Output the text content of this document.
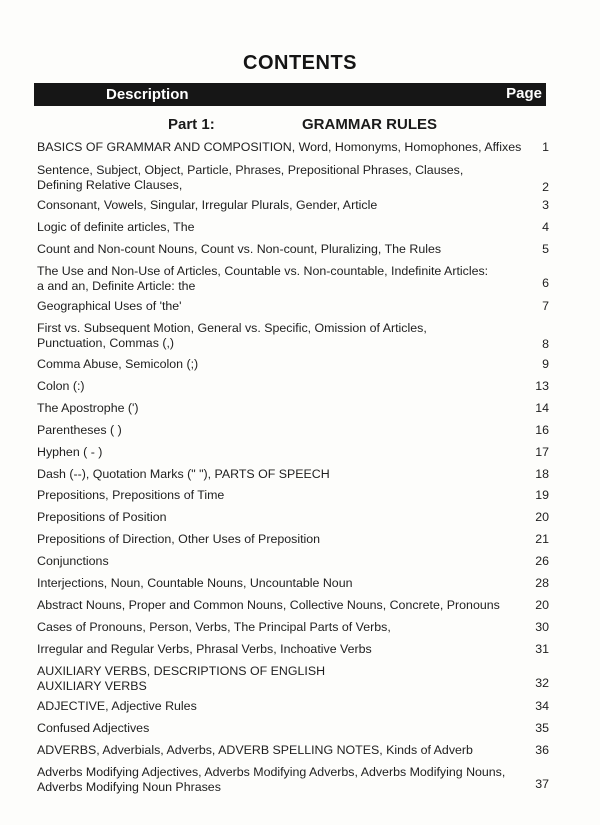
CONTENTS
Description	Page
Part 1:	GRAMMAR RULES
BASICS OF GRAMMAR AND COMPOSITION, Word, Homonyms, Homophones, Affixes	1
Sentence, Subject, Object, Particle, Phrases, Prepositional Phrases, Clauses,
Defining Relative Clauses,	2
Consonant, Vowels, Singular, Irregular Plurals, Gender, Article	3
Logic of definite articles, The	4
Count and Non-count Nouns, Count vs. Non-count, Pluralizing, The Rules	5
The Use and Non-Use of Articles, Countable vs. Non-countable, Indefinite Articles:
a and an, Definite Article: the	6
Geographical Uses of 'the'	7
First vs. Subsequent Motion, General vs. Specific, Omission of Articles,
Punctuation, Commas (,)	8
Comma Abuse, Semicolon (;)	9
Colon (:)	13
The Apostrophe (')	14
Parentheses ( )	16
Hyphen ( - )	17
Dash (--), Quotation Marks (" "), PARTS OF SPEECH	18
Prepositions, Prepositions of Time	19
Prepositions of Position	20
Prepositions of Direction, Other Uses of Preposition	21
Conjunctions	26
Interjections, Noun, Countable Nouns, Uncountable Noun	28
Abstract Nouns, Proper and Common Nouns, Collective Nouns, Concrete, Pronouns	20
Cases of Pronouns, Person, Verbs, The Principal Parts of Verbs,	30
Irregular and Regular Verbs, Phrasal Verbs, Inchoative Verbs	31
AUXILIARY VERBS, DESCRIPTIONS OF ENGLISH
AUXILIARY VERBS	32
ADJECTIVE, Adjective Rules	34
Confused Adjectives	35
ADVERBS, Adverbials, Adverbs, ADVERB SPELLING NOTES, Kinds of Adverb	36
Adverbs Modifying Adjectives, Adverbs Modifying Adverbs, Adverbs Modifying Nouns,
Adverbs Modifying Noun Phrases	37
